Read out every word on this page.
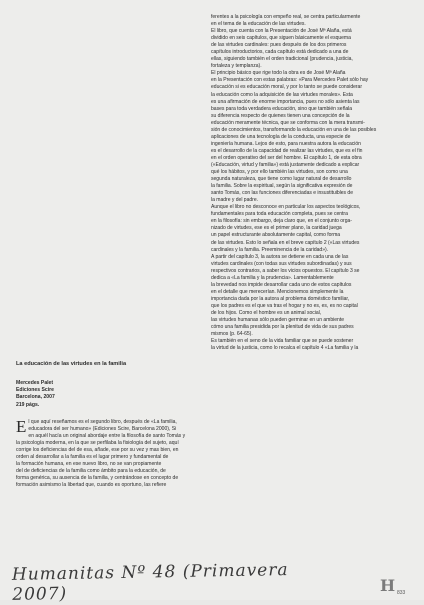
ferentes a la psicología con empeño real, se centra particularmente
en el tema de la educación de las virtudes.
El libro, que cuenta con la Presentación de José Mª Alaña, está
dividido en seis capítulos, que siguen básicamente el esquema
de las virtudes cardinales: pues después de los dos primeros
capítulos introductorios, cada capítulo está dedicado a una de
ellas, siguiendo también el orden tradicional (prudencia, justicia,
fortaleza y templanza).
El principio básico que rige todo la obra es de José Mª Alaña
en la Presentación con estas palabras: «Para Mercedes Palet sólo hay
educación si es educación moral, y por lo tanto se puede considerar
la educación como la adquisición de las virtudes morales». Esta
es una afirmación de enorme importancia, pues no sólo asienta las
bases para toda verdadera educación, sino que también señala
su diferencia respecto de quienes tienen una concepción de la
educación meramente técnica, que se conforma con la mera transmi-
sión de conocimientos, transformando la educación en una de las posibles
aplicaciones de una tecnología de la conducta, una especie de
ingeniería humana. Lejos de esto, para nuestra autora la educación
es el desarrollo de la capacidad de realizar las virtudes, que es el fin
en el orden operativo del ser del hombre. El capítulo 1, de esta obra
(«Educación, virtud y familia») está justamente dedicado a explicar
qué los hábitos, y por ello también las virtudes, son como una
segunda naturaleza, que tiene como lugar natural de desarrollo
la familia. Sobre la espiritual, según la significativa expresión de
santo Tomás, con las funciones diferenciadas e insustituibles de
la madre y del padre.
Aunque el libro no desconoce en particular los aspectos teológicos,
fundamentales para toda educación completa, pues se centra
en la filosofía: sin embargo, deja claro que, en el conjunto orga-
nizado de virtudes, ese es el primer plano, la caridad juega
un papel estructurante absolutamente capital, como forma
de las virtudes. Esto lo señala en el breve capítulo 2 («Las virtudes
cardinales y la familia. Preeminencia de la caridad»).
A partir del capítulo 3, la autora se detiene en cada una de las
virtudes cardinales (con todas sus virtudes subordinadas) y sus
respectivos contrarios, a saber los vicios opuestos. El capítulo 3 se
dedica a «La familia y la prudencia». Lamentablemente
la brevedad nos impide desarrollar cada uno de estos capítulos
en el detalle que merecerían. Mencionemos simplemente la
importancia dada por la autora al problema doméstico familiar,
que los padres es el que va tras el hogar y no es, es, es no capital
de los hijos. Como el hombre es un animal social,
las virtudes humanas sólo pueden germinar en un ambiente
cómo una familia presidida por la plenitud de vida de sus padres
mismos (p. 64-65).
Es también en el seno de la vida familiar que se puede sostener
la virtud de la justicia, como lo recalca el capítulo 4 «La familia y la
La educación de las virtudes en la familia
Mercedes Palet
Ediciones Scire
Barcelona, 2007
219 págs.
E l que aquí reseñamos es el segundo libro, después de «La familia,
educadora del ser humano» (Ediciones Scire, Barcelona 2000), Si
en aquél hacía un original abordaje entre la filosofía de santo Tomás y
la psicología moderna, en la que se perfilaba la fisiología del sujeto, aquí
corrige los deficiencias del de esa, añade, ese por su vez y mas bien, en
orden al desarrollar a la familia es el lugar primero y fundamental de
la formación humana, en ese nuevo libro, no se van propiamente
del de deficiencias de la familia como ámbito para la educación, de
forma genérica, su ausencia de la familia, y centrándose en concepto de
formación asimismo la libertad que, cuando es oportuno, las refiere
Humanitas Nº 48 (Primavera 2007)	H 833
